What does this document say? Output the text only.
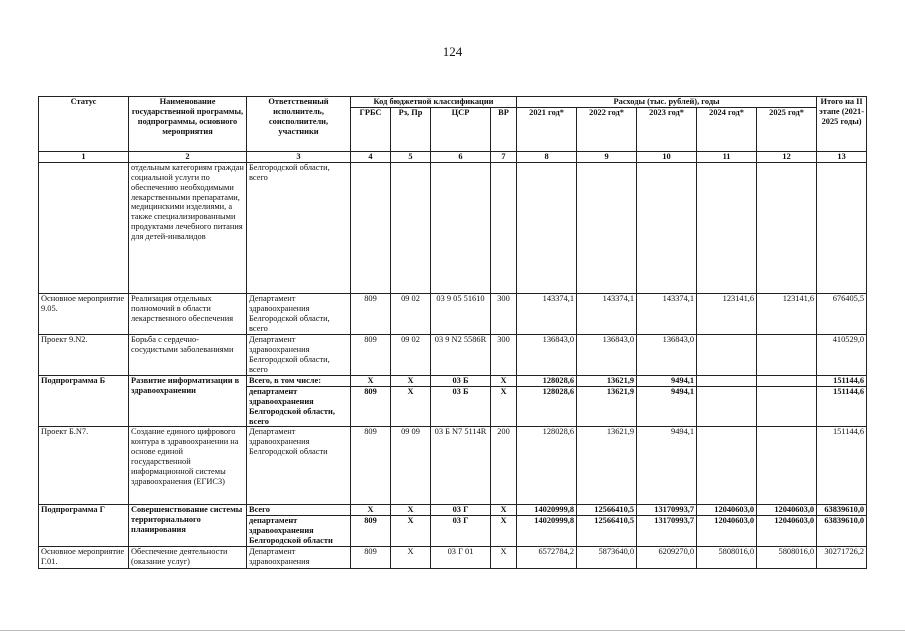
124
Статус	Наименование государственной программы, подпрограммы, основного мероприятия	Ответственный исполнитель, соисполнители, участники	Код бюджетной классификации				Расходы (тыс. рублей), годы					Итого на II этапе (2021-2025 годы)
			ГРБС	Рз, Пр	ЦСР	ВР	2021 год*	2022 год*	2023 год*	2024 год*	2025 год*	
1	2	3	4	5	6	7	8	9	10	11	12	13
	отдельным категориям граждан социальной услуги по обеспечению необходимыми лекарственными препаратами, медицинскими изделиями, а также специализированными продуктами лечебного питания для детей-инвалидов	Белгородской области, всего										
Основное мероприятие 9.05.	Реализация отдельных полномочий в области лекарственного обеспечения	Департамент здравоохранения Белгородской области, всего	809	09 02	03 9 05 51610	300	143374,1	143374,1	143374,1	123141,6	123141,6	676405,5
Проект 9.N2.	Борьба с сердечно-сосудистыми заболеваниями	Департамент здравоохранения Белгородской области, всего	809	09 02	03 9 N2 5586R	300	136843,0	136843,0	136843,0			410529,0
Подпрограмма Б	Развитие информатизации в здравоохранении	Всего, в том числе:	X	X	03 Б	X	128028,6	13621,9	9494,1			151144,6
		департамент здравоохранения Белгородской области, всего	809	X	03 Б	X	128028,6	13621,9	9494,1			151144,6
Проект Б.N7.	Создание единого цифрового контура в здравоохранении на основе единой государственной информационной системы здравоохранения (ЕГИСЗ)	Департамент здравоохранения Белгородской области	809	09 09	03 Б N7 5114R	200	128028,6	13621,9	9494,1			151144,6
Подпрограмма Г	Совершенствование системы территориального планирования	Всего	X	X	03 Г	X	14020999,8	12566410,5	13170993,7	12040603,0	12040603,0	63839610,0
		департамент здравоохранения Белгородской области	809	X	03 Г	X	14020999,8	12566410,5	13170993,7	12040603,0	12040603,0	63839610,0
Основное мероприятие Г.01.	Обеспечение деятельности (оказание услуг)	Департамент здравоохранения	809	X	03 Г 01	X	6572784,2	5873640,0	6209270,0	5808016,0	5808016,0	30271726,2
